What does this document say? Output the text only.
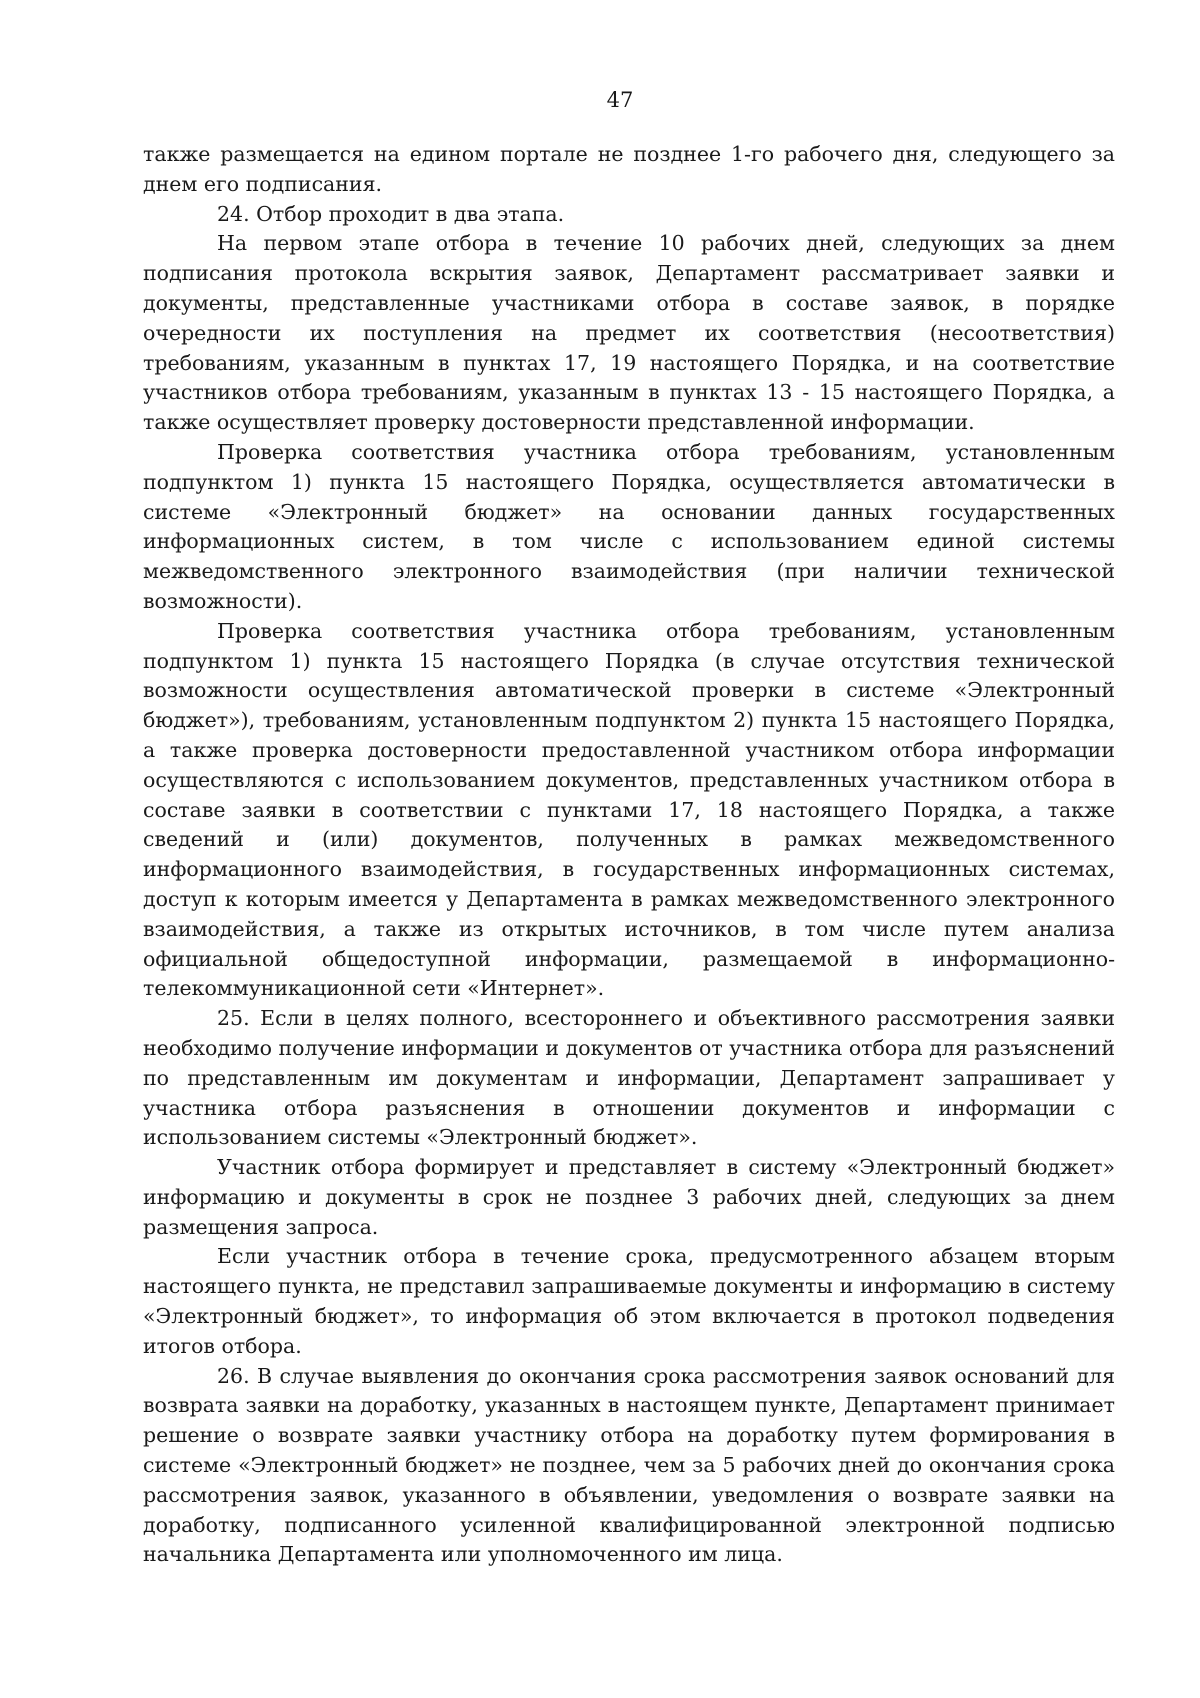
47

также размещается на едином портале не позднее 1-го рабочего дня, следующего за днем его подписания.

24. Отбор проходит в два этапа.

На первом этапе отбора в течение 10 рабочих дней, следующих за днем подписания протокола вскрытия заявок, Департамент рассматривает заявки и документы, представленные участниками отбора в составе заявок, в порядке очередности их поступления на предмет их соответствия (несоответствия) требованиям, указанным в пунктах 17, 19 настоящего Порядка, и на соответствие участников отбора требованиям, указанным в пунктах 13 - 15 настоящего Порядка, а также осуществляет проверку достоверности представленной информации.

Проверка соответствия участника отбора требованиям, установленным подпунктом 1) пункта 15 настоящего Порядка, осуществляется автоматически в системе «Электронный бюджет» на основании данных государственных информационных систем, в том числе с использованием единой системы межведомственного электронного взаимодействия (при наличии технической возможности).

Проверка соответствия участника отбора требованиям, установленным подпунктом 1) пункта 15 настоящего Порядка (в случае отсутствия технической возможности осуществления автоматической проверки в системе «Электронный бюджет»), требованиям, установленным подпунктом 2) пункта 15 настоящего Порядка, а также проверка достоверности предоставленной участником отбора информации осуществляются с использованием документов, представленных участником отбора в составе заявки в соответствии с пунктами 17, 18 настоящего Порядка, а также сведений и (или) документов, полученных в рамках межведомственного информационного взаимодействия, в государственных информационных системах, доступ к которым имеется у Департамента в рамках межведомственного электронного взаимодействия, а также из открытых источников, в том числе путем анализа официальной общедоступной информации, размещаемой в информационно-телекоммуникационной сети «Интернет».

25. Если в целях полного, всестороннего и объективного рассмотрения заявки необходимо получение информации и документов от участника отбора для разъяснений по представленным им документам и информации, Департамент запрашивает у участника отбора разъяснения в отношении документов и информации с использованием системы «Электронный бюджет».

Участник отбора формирует и представляет в систему «Электронный бюджет» информацию и документы в срок не позднее 3 рабочих дней, следующих за днем размещения запроса.

Если участник отбора в течение срока, предусмотренного абзацем вторым настоящего пункта, не представил запрашиваемые документы и информацию в систему «Электронный бюджет», то информация об этом включается в протокол подведения итогов отбора.

26. В случае выявления до окончания срока рассмотрения заявок оснований для возврата заявки на доработку, указанных в настоящем пункте, Департамент принимает решение о возврате заявки участнику отбора на доработку путем формирования в системе «Электронный бюджет» не позднее, чем за 5 рабочих дней до окончания срока рассмотрения заявок, указанного в объявлении, уведомления о возврате заявки на доработку, подписанного усиленной квалифицированной электронной подписью начальника Департамента или уполномоченного им лица.
